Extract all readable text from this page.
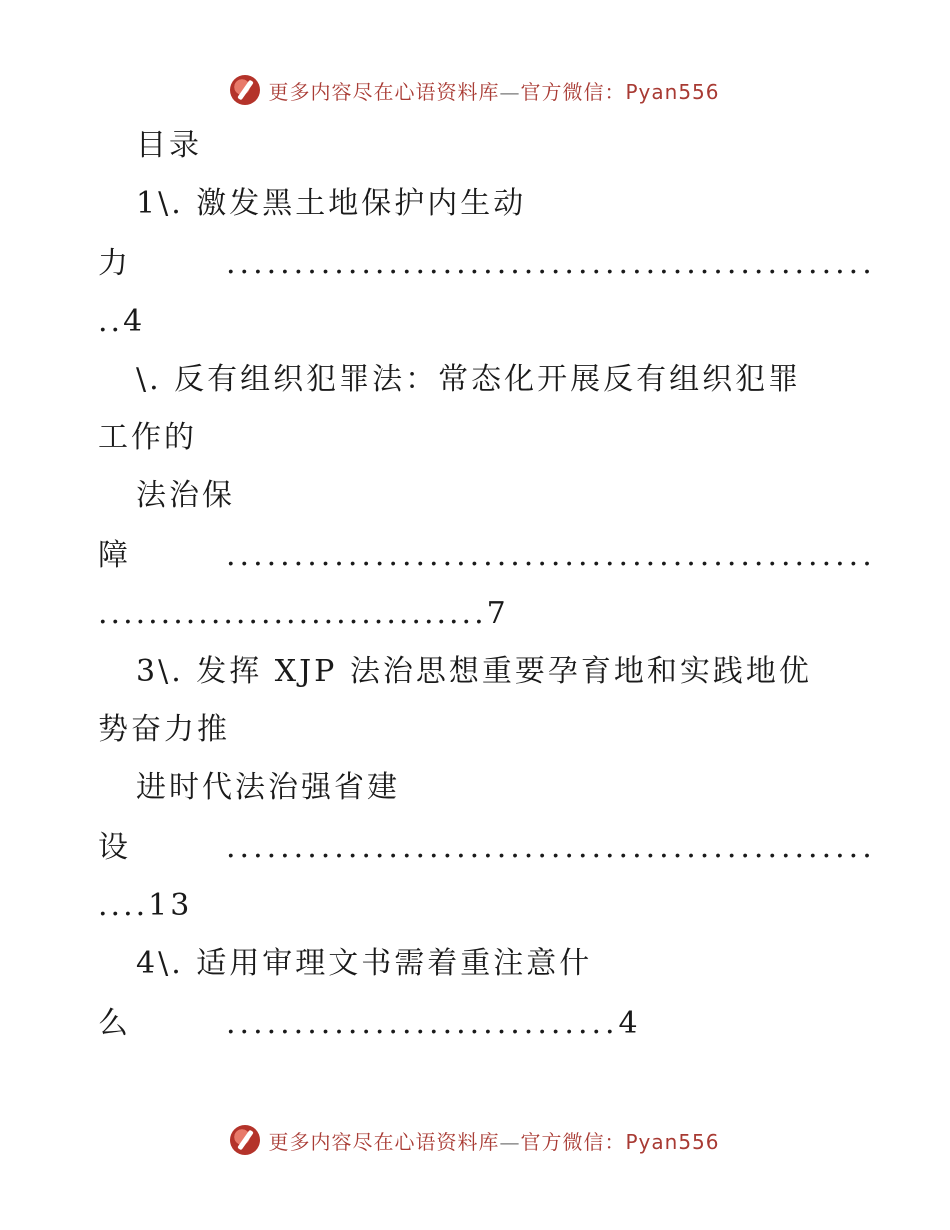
更多内容尽在心语资料库—官方微信：Pyan556
目录
1\. 激发黑土地保护内生动
力	................................................
..4
\. 反有组织犯罪法：常态化开展反有组织犯罪
工作的
法治保
障	................................................
...............................7
3\. 发挥 XJP 法治思想重要孕育地和实践地优
势奋力推
进时代法治强省建
设	................................................
....13
4\. 适用审理文书需着重注意什
么	.............................4
更多内容尽在心语资料库—官方微信：Pyan556
